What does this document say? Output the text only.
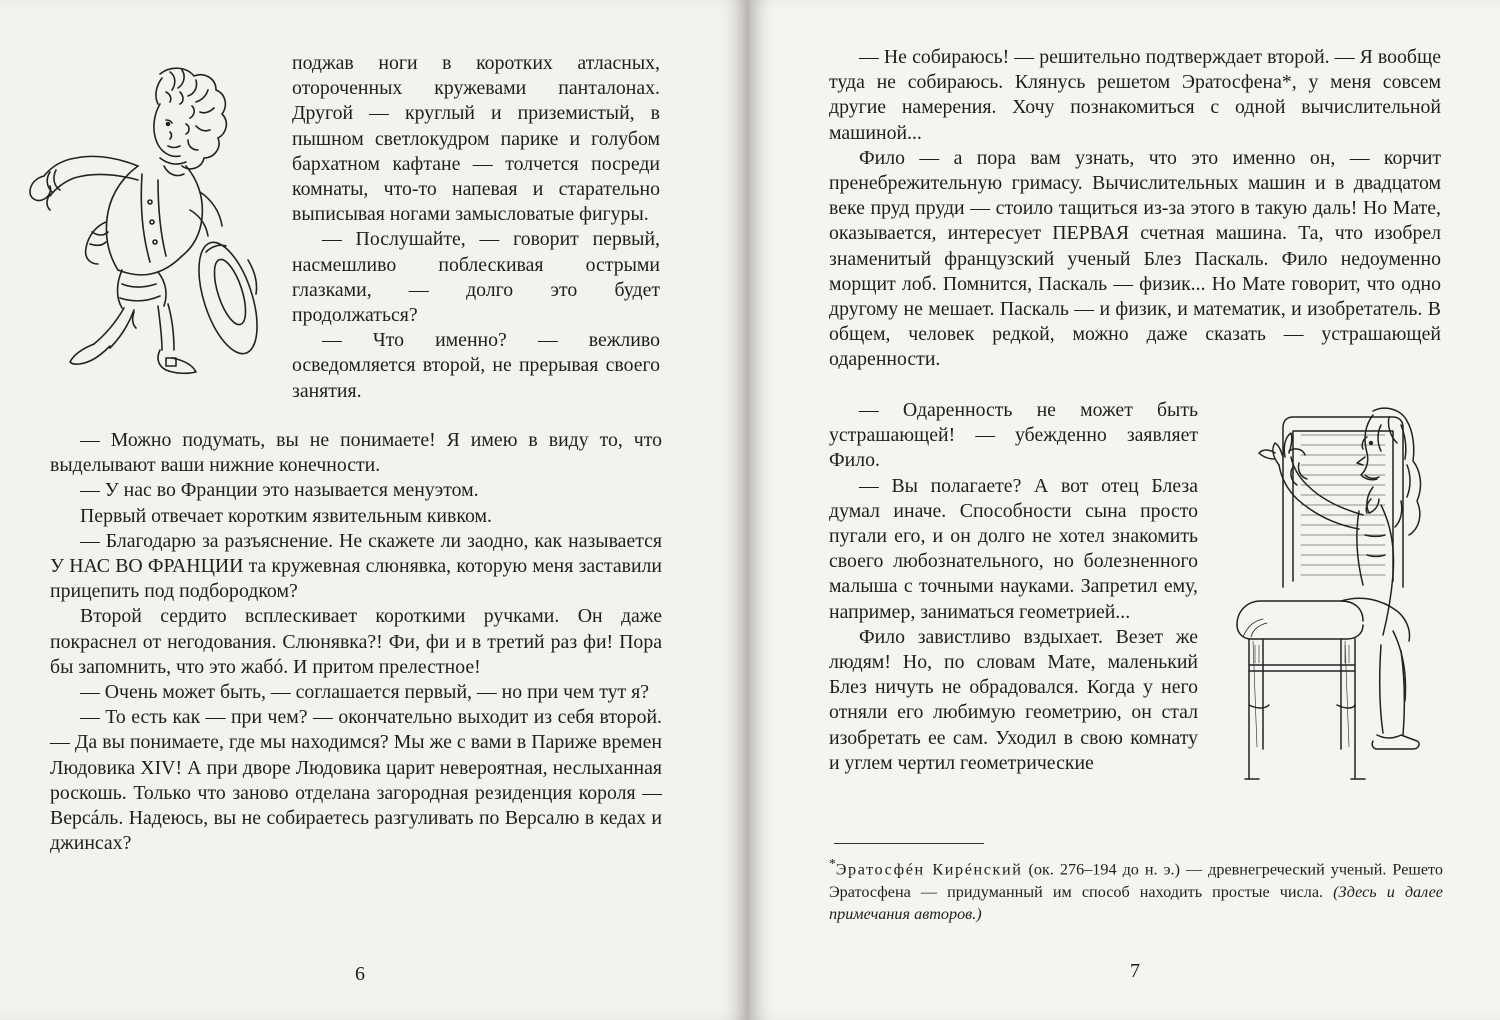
поджав ноги в коротких атласных, отороченных кружевами панталонах. Другой — круглый и приземистый, в пышном светлокудром парике и голубом бархатном кафтане — толчется посреди комнаты, что-то напевая и старательно выписывая ногами замысловатые фигуры.

— Послушайте, — говорит первый, насмешливо поблескивая острыми глазками, — долго это будет продолжаться?

— Что именно? — вежливо осведомляется второй, не прерывая своего занятия.

— Можно подумать, вы не понимаете! Я имею в виду то, что выделывают ваши нижние конечности.

— У нас во Франции это называется менуэтом.

Первый отвечает коротким язвительным кивком.

— Благодарю за разъяснение. Не скажете ли заодно, как называется У НАС ВО ФРАНЦИИ та кружевная слюнявка, которую меня заставили прицепить под подбородком?

Второй сердито всплескивает короткими ручками. Он даже покраснел от негодования. Слюнявка?! Фи, фи и в третий раз фи! Пора бы запомнить, что это жабó. И притом прелестное!

— Очень может быть, — соглашается первый, — но при чем тут я?

— То есть как — при чем? — окончательно выходит из себя второй. — Да вы понимаете, где мы находимся? Мы же с вами в Париже времен Людовика XIV! А при дворе Людовика царит невероятная, неслыханная роскошь. Только что заново отделана загородная резиденция короля — Версáль. Надеюсь, вы не собираетесь разгуливать по Версалю в кедах и джинсах?

6

— Не собираюсь! — решительно подтверждает второй. — Я вообще туда не собираюсь. Клянусь решетом Эратосфена*, у меня совсем другие намерения. Хочу познакомиться с одной вычислительной машиной...

Фило — а пора вам узнать, что это именно он, — корчит пренебрежительную гримасу. Вычислительных машин и в двадцатом веке пруд пруди — стоило тащиться из-за этого в такую даль! Но Мате, оказывается, интересует ПЕРВАЯ счетная машина. Та, что изобрел знаменитый французский ученый Блез Паскаль. Фило недоуменно морщит лоб. Помнится, Паскаль — физик... Но Мате говорит, что одно другому не мешает. Паскаль — и физик, и математик, и изобретатель. В общем, человек редкой, можно даже сказать — устрашающей одаренности.

— Одаренность не может быть устрашающей! — убежденно заявляет Фило.

— Вы полагаете? А вот отец Блеза думал иначе. Способности сына просто пугали его, и он долго не хотел знакомить своего любознательного, но болезненного малыша с точными науками. Запретил ему, например, заниматься геометрией...

Фило завистливо вздыхает. Везет же людям! Но, по словам Мате, маленький Блез ничуть не обрадовался. Когда у него отняли его любимую геометрию, он стал изобретать ее сам. Уходил в свою комнату и углем чертил геометрические

*Эратосфéн Кирéнский (ок. 276–194 до н. э.) — древнегреческий ученый. Решето Эратосфена — придуманный им способ находить простые числа. (Здесь и далее примечания авторов.)
7
